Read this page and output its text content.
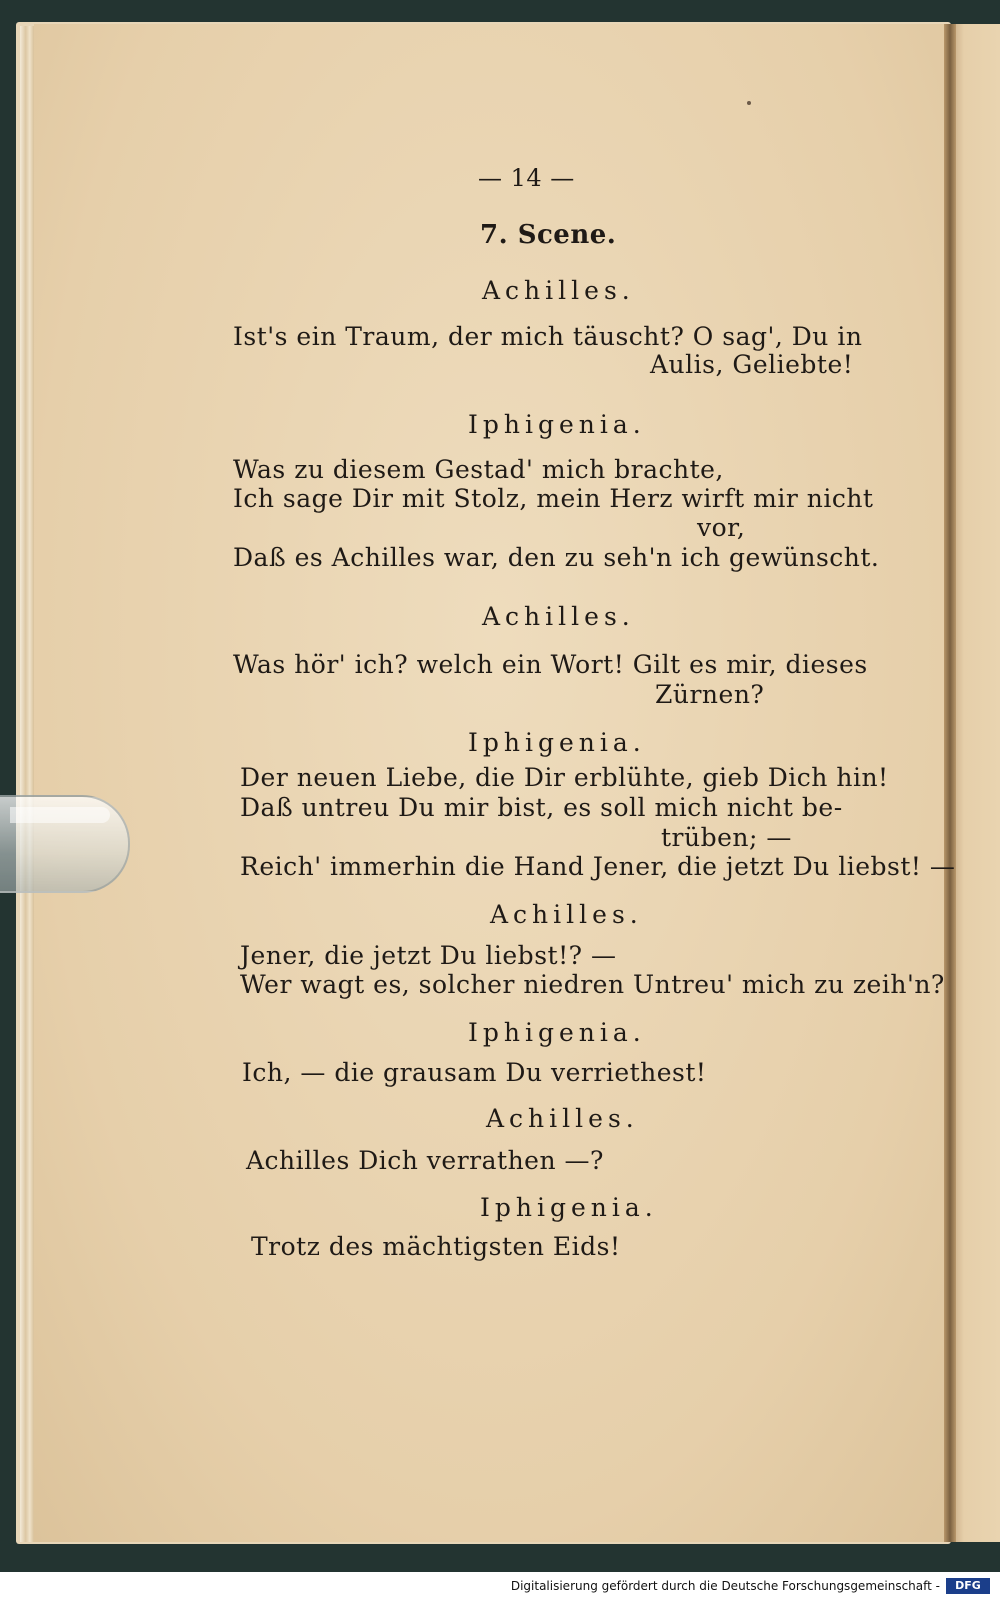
— 14 —
7. Scene.
Achilles.
Ist's ein Traum, der mich täuscht? O sag', Du in
Aulis, Geliebte!
Iphigenia.
Was zu diesem Gestad' mich brachte,
Ich sage Dir mit Stolz, mein Herz wirft mir nicht
vor,
Daß es Achilles war, den zu seh'n ich gewünscht.
Achilles.
Was hör' ich? welch ein Wort! Gilt es mir, dieses
Zürnen?
Iphigenia.
Der neuen Liebe, die Dir erblühte, gieb Dich hin!
Daß untreu Du mir bist, es soll mich nicht be-
trüben; —
Reich' immerhin die Hand Jener, die jetzt Du liebst! —
Achilles.
Jener, die jetzt Du liebst!? —
Wer wagt es, solcher niedren Untreu' mich zu zeih'n?
Iphigenia.
Ich, — die grausam Du verriethest!
Achilles.
Achilles Dich verrathen —?
Iphigenia.
Trotz des mächtigsten Eids!
Digitalisierung gefördert durch die Deutsche Forschungsgemeinschaft -	DFG
